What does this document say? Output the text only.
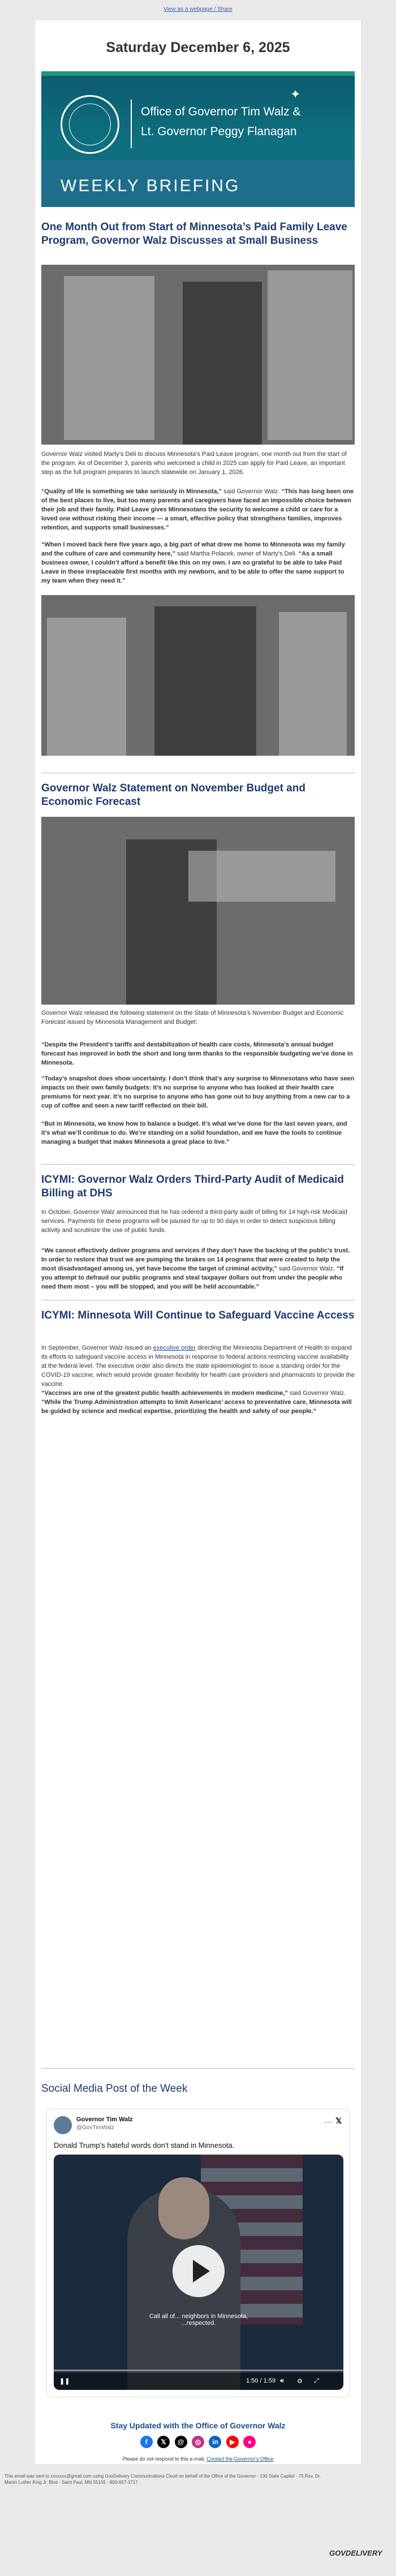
View as a webpage / Share
Saturday December 6, 2025
Office of Governor Tim Walz &
Lt. Governor Peggy Flanagan
✦
WEEKLY BRIEFING
One Month Out from Start of Minnesota’s Paid Family Leave Program, Governor Walz Discusses at Small Business
Governor Walz visited Marty’s Deli to discuss Minnesota’s Paid Leave program, one month out from the start of the program. As of December 3, parents who welcomed a child in 2025 can apply for Paid Leave, an important step as the full program prepares to launch statewide on January 1, 2026.
“Quality of life is something we take seriously in Minnesota,” said Governor Walz. “This has long been one of the best places to live, but too many parents and caregivers have faced an impossible choice between their job and their family. Paid Leave gives Minnesotans the security to welcome a child or care for a loved one without risking their income — a smart, effective policy that strengthens families, improves retention, and supports small businesses.”
“When I moved back here five years ago, a big part of what drew me home to Minnesota was my family and the culture of care and community here,” said Martha Polacek, owner of Marty’s Deli. “As a small business owner, I couldn’t afford a benefit like this on my own. I am so grateful to be able to take Paid Leave in these irreplaceable first months with my newborn, and to be able to offer the same support to my team when they need it.”
Governor Walz Statement on November Budget and Economic Forecast
Governor Walz released the following statement on the State of Minnesota’s November Budget and Economic Forecast issued by Minnesota Management and Budget:
“Despite the President’s tariffs and destabilization of health care costs, Minnesota’s annual budget forecast has improved in both the short and long term thanks to the responsible budgeting we’ve done in Minnesota.
“Today’s snapshot does show uncertainty. I don’t think that’s any surprise to Minnesotans who have seen impacts on their own family budgets: It’s no surprise to anyone who has looked at their health care premiums for next year. It’s no surprise to anyone who has gone out to buy anything from a new car to a cup of coffee and seen a new tariff reflected on their bill.
“But in Minnesota, we know how to balance a budget. It’s what we’ve done for the last seven years, and it’s what we’ll continue to do. We’re standing on a solid foundation, and we have the tools to continue managing a budget that makes Minnesota a great place to live.”
ICYMI: Governor Walz Orders Third-Party Audit of Medicaid Billing at DHS
In October, Governor Walz announced that he has ordered a third-party audit of billing for 14 high-risk Medicaid services. Payments for these programs will be paused for up to 90 days in order to detect suspicious billing activity and scrutinize the use of public funds.
“We cannot effectively deliver programs and services if they don’t have the backing of the public’s trust. In order to restore that trust we are pumping the brakes on 14 programs that were created to help the most disadvantaged among us, yet have become the target of criminal activity,” said Governor Walz. “If you attempt to defraud our public programs and steal taxpayer dollars out from under the people who need them most – you will be stopped, and you will be held accountable.”
ICYMI: Minnesota Will Continue to Safeguard Vaccine Access
In September, Governor Walz issued an executive order directing the Minnesota Department of Health to expand its efforts to safeguard vaccine access in Minnesota in response to federal actions restricting vaccine availability at the federal level. The executive order also directs the state epidemiologist to issue a standing order for the COVID-19 vaccine, which would provide greater flexibility for health care providers and pharmacists to provide the vaccine.
“Vaccines are one of the greatest public health achievements in modern medicine,” said Governor Walz. “While the Trump Administration attempts to limit Americans’ access to preventative care, Minnesota will be guided by science and medical expertise, prioritizing the health and safety of our people.”
Social Media Post of the Week
Governor Tim Walz
@GovTimWalz
⋯ 𝕏
Donald Trump's hateful words don't stand in Minnesota.
Call all of... neighbors in Minnesota,
...respected.
❚❚	1:50 / 1:59 🔊︎ ⚙︎ ⤢
Stay Updated with the Office of Governor Walz
f 𝕏 @ ◎ in ▶ ●
Please do not respond to this e-mail. Contact the Governor's Office
This email was sent to xxxxxxx@gmail.com using GovDelivery Communications Cloud on behalf of the Office of the Governor · 130 State Capitol · 75 Rev. Dr. Martin Luther King Jr. Blvd · Saint Paul, MN 55155 · 800-657-3717
GOVDELIVERY
